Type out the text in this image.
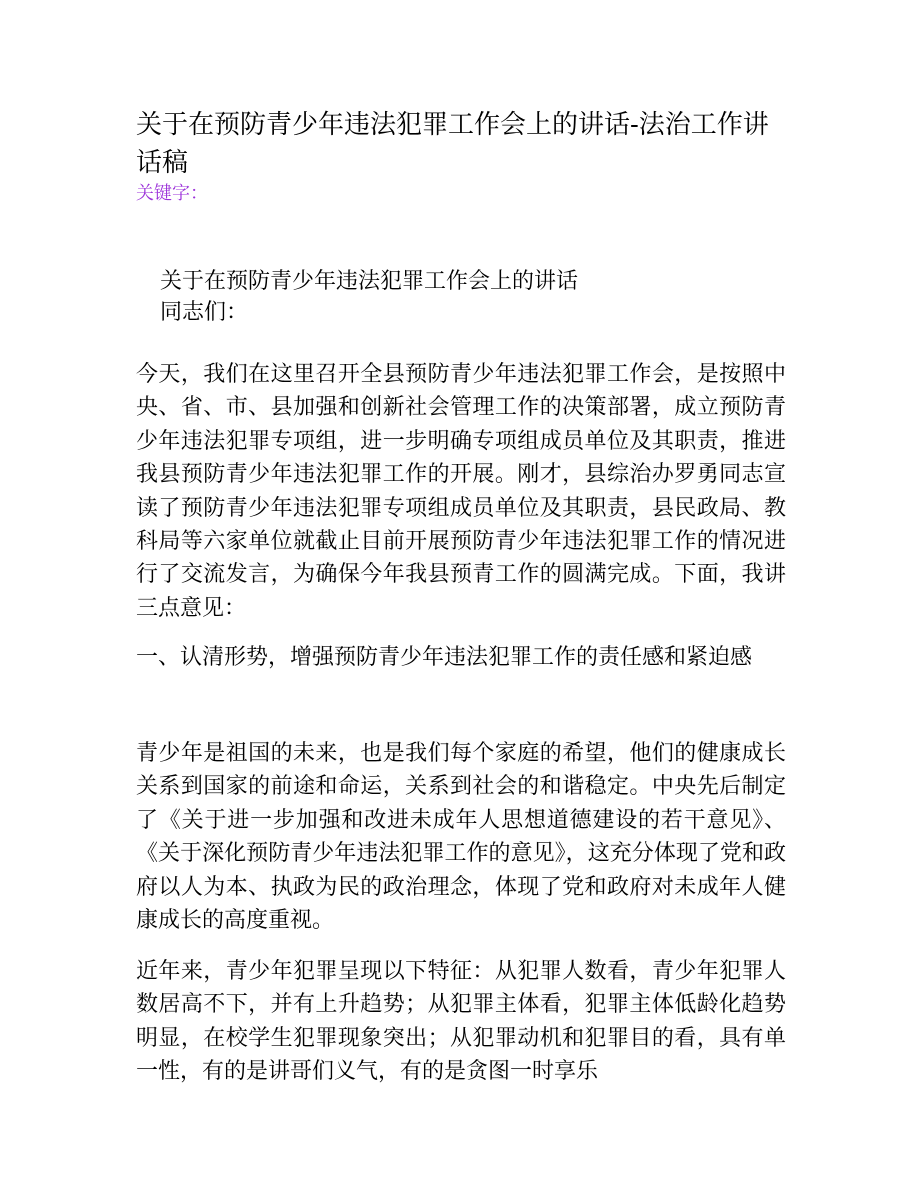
关于在预防青少年违法犯罪工作会上的讲话-法治工作讲话稿
关键字：
关于在预防青少年违法犯罪工作会上的讲话
同志们：

今天，我们在这里召开全县预防青少年违法犯罪工作会，是按照中央、省、市、县加强和创新社会管理工作的决策部署，成立预防青少年违法犯罪专项组，进一步明确专项组成员单位及其职责，推进我县预防青少年违法犯罪工作的开展。刚才，县综治办罗勇同志宣读了预防青少年违法犯罪专项组成员单位及其职责，县民政局、教科局等六家单位就截止目前开展预防青少年违法犯罪工作的情况进行了交流发言，为确保今年我县预青工作的圆满完成。下面，我讲三点意见：

一、认清形势，增强预防青少年违法犯罪工作的责任感和紧迫感

青少年是祖国的未来，也是我们每个家庭的希望，他们的健康成长关系到国家的前途和命运，关系到社会的和谐稳定。中央先后制定了《关于进一步加强和改进未成年人思想道德建设的若干意见》、《关于深化预防青少年违法犯罪工作的意见》，这充分体现了党和政府以人为本、执政为民的政治理念，体现了党和政府对未成年人健康成长的高度重视。

近年来，青少年犯罪呈现以下特征：从犯罪人数看，青少年犯罪人数居高不下，并有上升趋势；从犯罪主体看，犯罪主体低龄化趋势明显，在校学生犯罪现象突出；从犯罪动机和犯罪目的看，具有单一性，有的是讲哥们义气，有的是贪图一时享乐
